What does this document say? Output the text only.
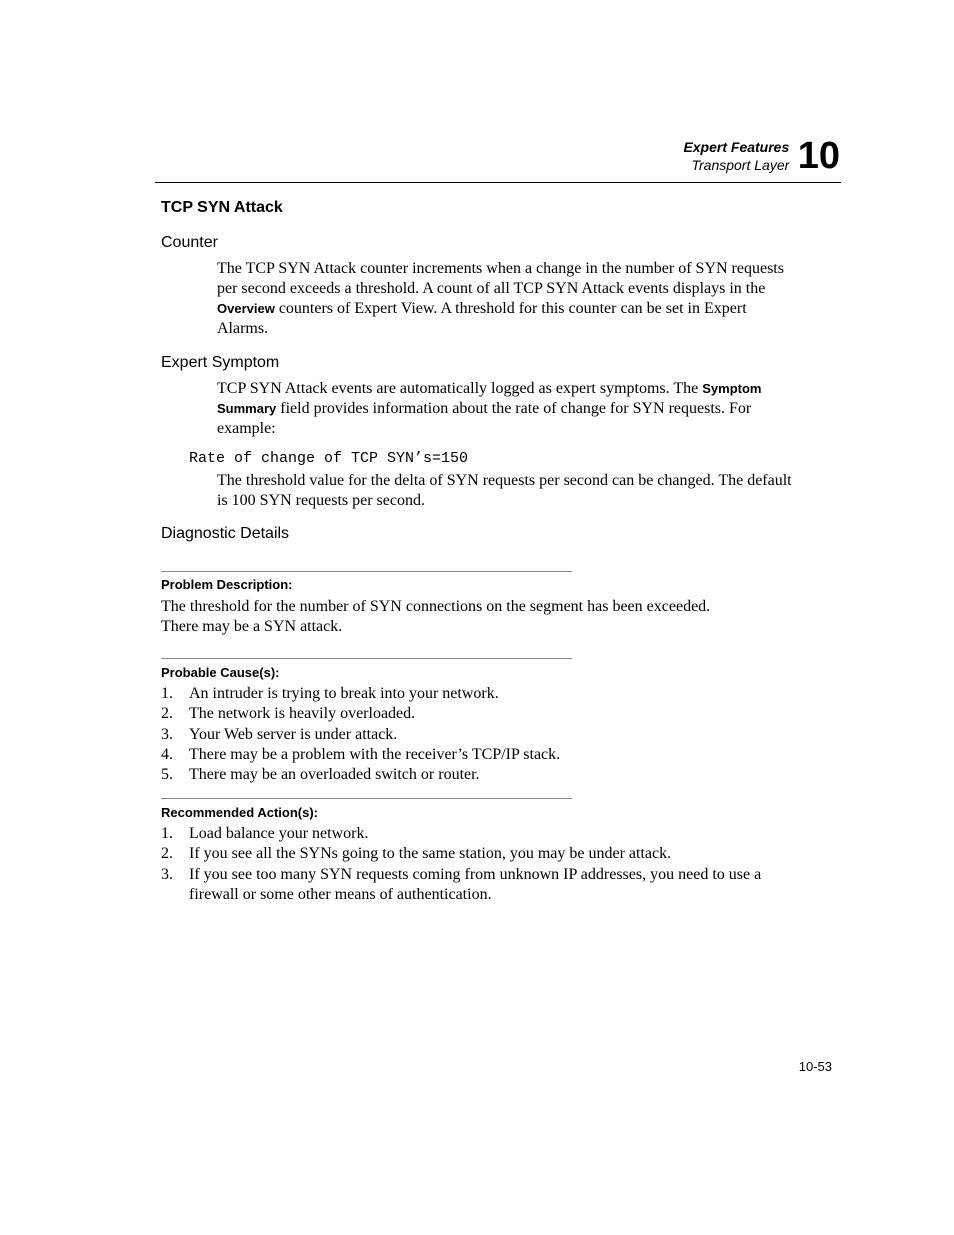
Expert Features
Transport Layer 10
TCP SYN Attack
Counter
The TCP SYN Attack counter increments when a change in the number of SYN requests per second exceeds a threshold. A count of all TCP SYN Attack events displays in the Overview counters of Expert View. A threshold for this counter can be set in Expert Alarms.
Expert Symptom
TCP SYN Attack events are automatically logged as expert symptoms. The Symptom Summary field provides information about the rate of change for SYN requests. For example:
Rate of change of TCP SYN’s=150
The threshold value for the delta of SYN requests per second can be changed. The default is 100 SYN requests per second.
Diagnostic Details
Problem Description:
The threshold for the number of SYN connections on the segment has been exceeded. There may be a SYN attack.
Probable Cause(s):
1. An intruder is trying to break into your network.
2. The network is heavily overloaded.
3. Your Web server is under attack.
4. There may be a problem with the receiver’s TCP/IP stack.
5. There may be an overloaded switch or router.
Recommended Action(s):
1. Load balance your network.
2. If you see all the SYNs going to the same station, you may be under attack.
3. If you see too many SYN requests coming from unknown IP addresses, you need to use a firewall or some other means of authentication.
10-53
